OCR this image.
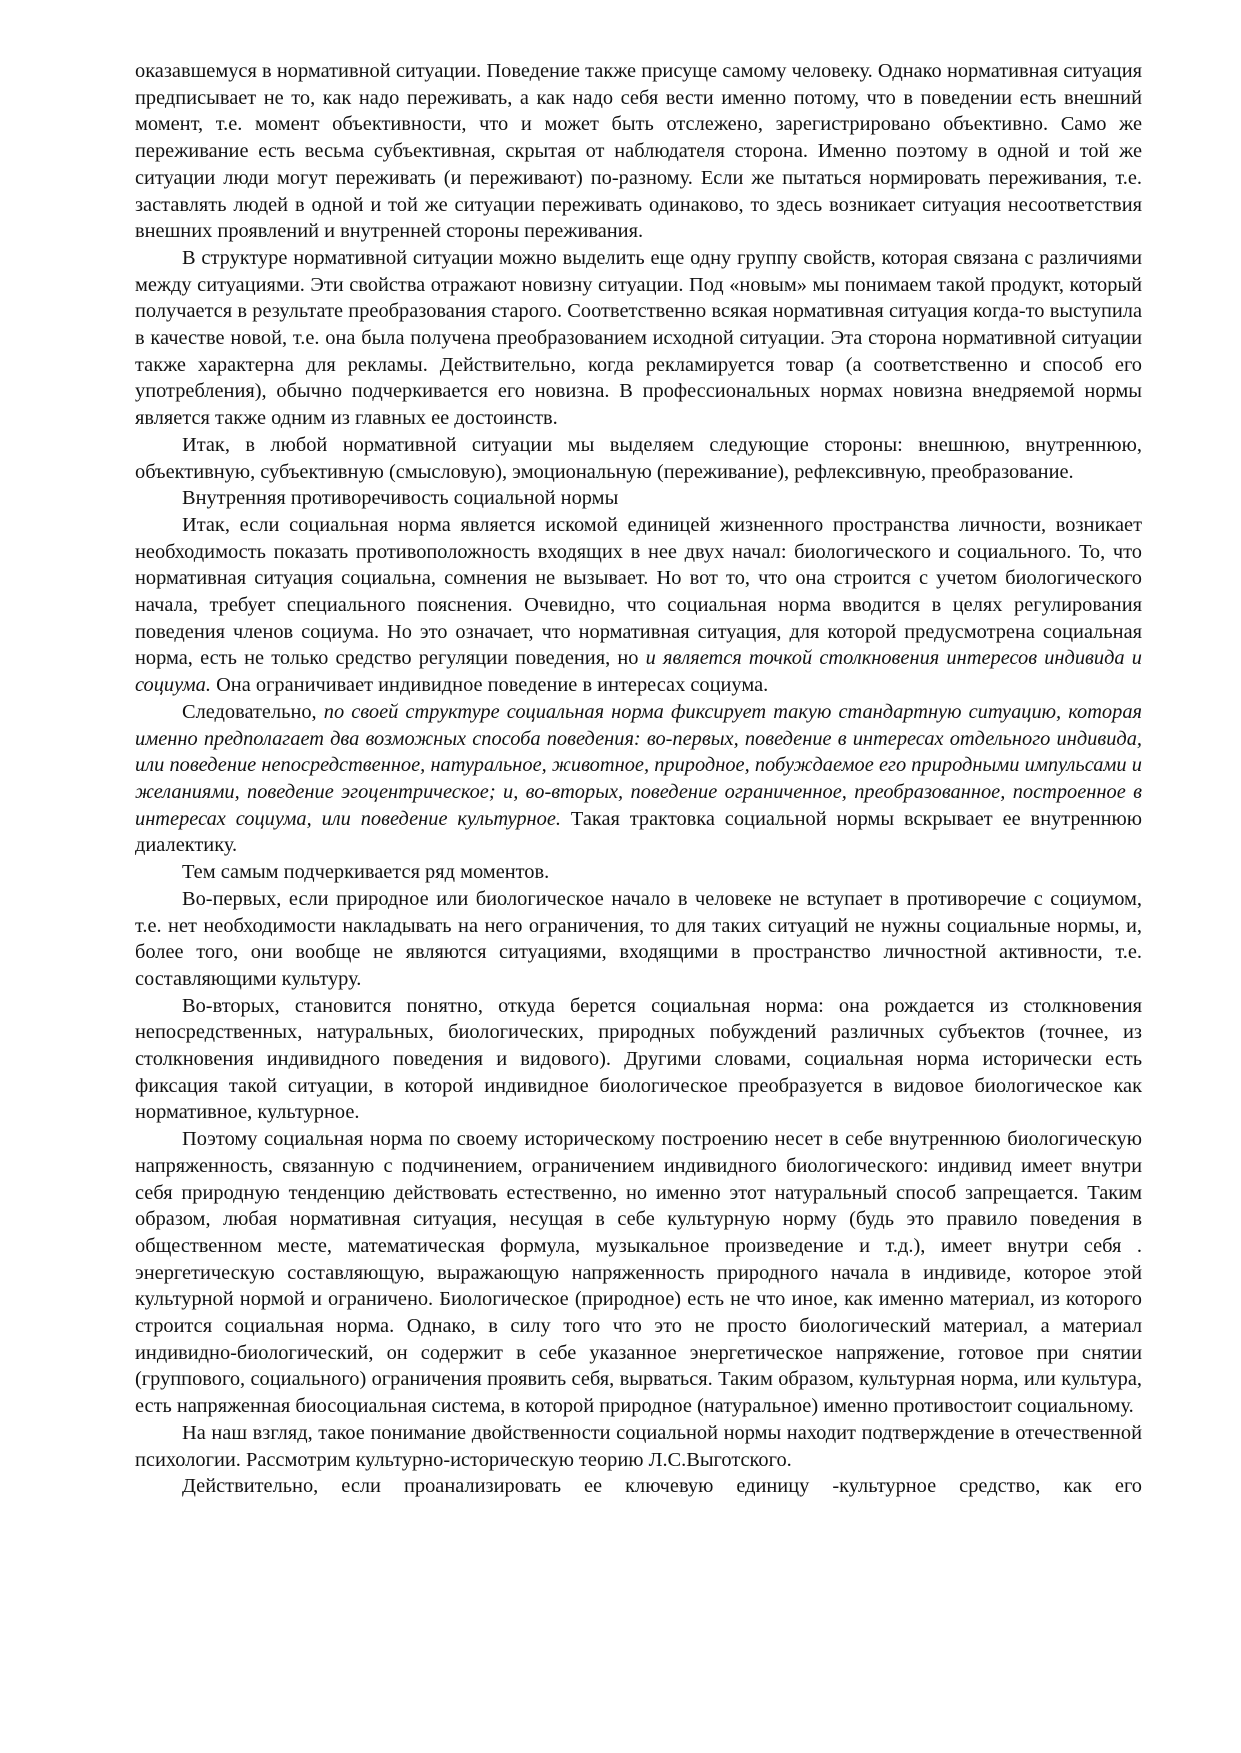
оказавшемуся в нормативной ситуации. Поведение также присуще самому человеку. Однако нормативная ситуация предписывает не то, как надо переживать, а как надо себя вести именно потому, что в поведении есть внешний момент, т.е. момент объективности, что и может быть отслежено, зарегистрировано объективно. Само же переживание есть весьма субъективная, скрытая от наблюдателя сторона. Именно поэтому в одной и той же ситуации люди могут переживать (и переживают) по-разному. Если же пытаться нормировать переживания, т.е. заставлять людей в одной и той же ситуации переживать одинаково, то здесь возникает ситуация несоответствия внешних проявлений и внутренней стороны переживания.

В структуре нормативной ситуации можно выделить еще одну группу свойств, которая связана с различиями между ситуациями. Эти свойства отражают новизну ситуации. Под «новым» мы понимаем такой продукт, который получается в результате преобразования старого. Соответственно всякая нормативная ситуация когда-то выступила в качестве новой, т.е. она была получена преобразованием исходной ситуации. Эта сторона нормативной ситуации также характерна для рекламы. Действительно, когда рекламируется товар (а соответственно и способ его употребления), обычно подчеркивается его новизна. В профессиональных нормах новизна внедряемой нормы является также одним из главных ее достоинств.

Итак, в любой нормативной ситуации мы выделяем следующие стороны: внешнюю, внутреннюю, объективную, субъективную (смысловую), эмоциональную (переживание), рефлексивную, преобразование.

Внутренняя противоречивость социальной нормы

Итак, если социальная норма является искомой единицей жизненного пространства личности, возникает необходимость показать противоположность входящих в нее двух начал: биологического и социального. То, что нормативная ситуация социальна, сомнения не вызывает. Но вот то, что она строится с учетом биологического начала, требует специального пояснения. Очевидно, что социальная норма вводится в целях регулирования поведения членов социума. Но это означает, что нормативная ситуация, для которой предусмотрена социальная норма, есть не только средство регуляции поведения, но и является точкой столкновения интересов индивида и социума. Она ограничивает индивидное поведение в интересах социума.

Следовательно, по своей структуре социальная норма фиксирует такую стандартную ситуацию, которая именно предполагает два возможных способа поведения: во-первых, поведение в интересах отдельного индивида, или поведение непосредственное, натуральное, животное, природное, побуждаемое его природными импульсами и желаниями, поведение эгоцентрическое; и, во-вторых, поведение ограниченное, преобразованное, построенное в интересах социума, или поведение культурное. Такая трактовка социальной нормы вскрывает ее внутреннюю диалектику.

Тем самым подчеркивается ряд моментов.

Во-первых, если природное или биологическое начало в человеке не вступает в противоречие с социумом, т.е. нет необходимости накладывать на него ограничения, то для таких ситуаций не нужны социальные нормы, и, более того, они вообще не являются ситуациями, входящими в пространство личностной активности, т.е. составляющими культуру.

Во-вторых, становится понятно, откуда берется социальная норма: она рождается из столкновения непосредственных, натуральных, биологических, природных побуждений различных субъектов (точнее, из столкновения индивидного поведения и видового). Другими словами, социальная норма исторически есть фиксация такой ситуации, в которой индивидное биологическое преобразуется в видовое биологическое как нормативное, культурное.

Поэтому социальная норма по своему историческому построению несет в себе внутреннюю биологическую напряженность, связанную с подчинением, ограничением индивидного биологического: индивид имеет внутри себя природную тенденцию действовать естественно, но именно этот натуральный способ запрещается. Таким образом, любая нормативная ситуация, несущая в себе культурную норму (будь это правило поведения в общественном месте, математическая формула, музыкальное произведение и т.д.), имеет внутри себя . энергетическую составляющую, выражающую напряженность природного начала в индивиде, которое этой культурной нормой и ограничено. Биологическое (природное) есть не что иное, как именно материал, из которого строится социальная норма. Однако, в силу того что это не просто биологический материал, а материал индивидно-биологический, он содержит в себе указанное энергетическое напряжение, готовое при снятии (группового, социального) ограничения проявить себя, вырваться. Таким образом, культурная норма, или культура, есть напряженная биосоциальная система, в которой природное (натуральное) именно противостоит социальному.

На наш взгляд, такое понимание двойственности социальной нормы находит подтверждение в отечественной психологии. Рассмотрим культурно-историческую теорию Л.С.Выготского.

Действительно, если проанализировать ее ключевую единицу -культурное средство, как его
